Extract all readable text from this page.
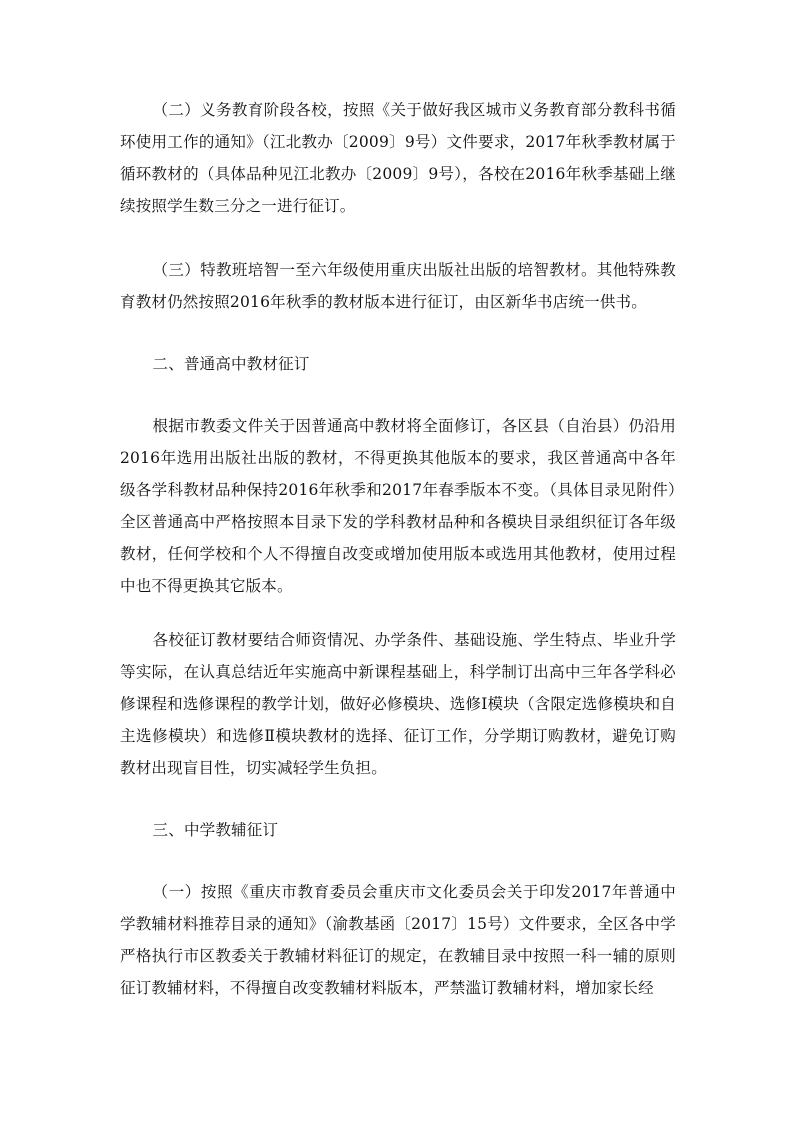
（二）义务教育阶段各校，按照《关于做好我区城市义务教育部分教科书循环使用工作的通知》（江北教办〔2009〕9号）文件要求，2017年秋季教材属于循环教材的（具体品种见江北教办〔2009〕9号），各校在2016年秋季基础上继续按照学生数三分之一进行征订。

（三）特教班培智一至六年级使用重庆出版社出版的培智教材。其他特殊教育教材仍然按照2016年秋季的教材版本进行征订，由区新华书店统一供书。

二、普通高中教材征订

根据市教委文件关于因普通高中教材将全面修订，各区县（自治县）仍沿用2016年选用出版社出版的教材，不得更换其他版本的要求，我区普通高中各年级各学科教材品种保持2016年秋季和2017年春季版本不变。（具体目录见附件）全区普通高中严格按照本目录下发的学科教材品种和各模块目录组织征订各年级教材，任何学校和个人不得擅自改变或增加使用版本或选用其他教材，使用过程中也不得更换其它版本。

各校征订教材要结合师资情况、办学条件、基础设施、学生特点、毕业升学等实际，在认真总结近年实施高中新课程基础上，科学制订出高中三年各学科必修课程和选修课程的教学计划，做好必修模块、选修Ⅰ模块（含限定选修模块和自主选修模块）和选修Ⅱ模块教材的选择、征订工作，分学期订购教材，避免订购教材出现盲目性，切实减轻学生负担。

三、中学教辅征订

（一）按照《重庆市教育委员会重庆市文化委员会关于印发2017年普通中学教辅材料推荐目录的通知》（渝教基函〔2017〕15号）文件要求，全区各中学严格执行市区教委关于教辅材料征订的规定，在教辅目录中按照一科一辅的原则征订教辅材料，不得擅自改变教辅材料版本，严禁滥订教辅材料，增加家长经
